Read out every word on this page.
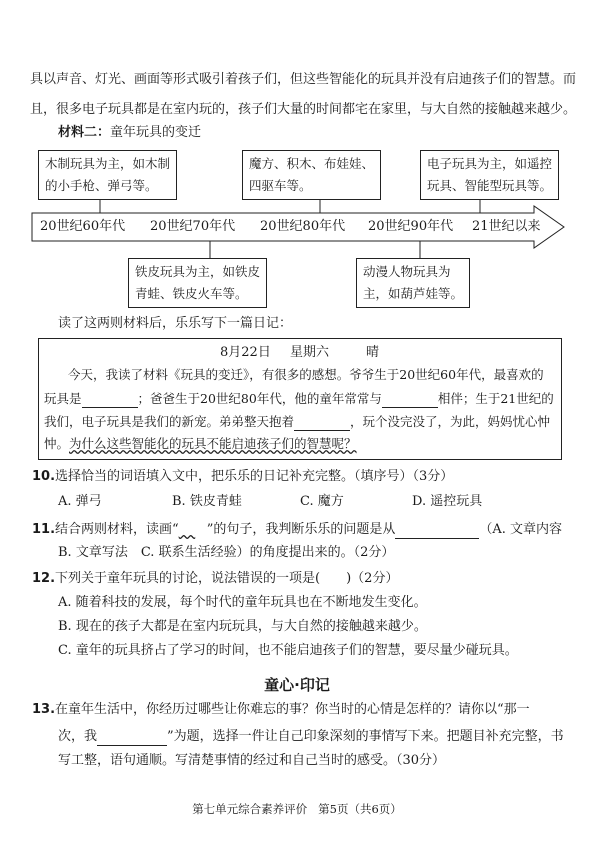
具以声音、灯光、画面等形式吸引着孩子们，但这些智能化的玩具并没有启迪孩子们的智慧。而
且，很多电子玩具都是在室内玩的，孩子们大量的时间都宅在家里，与大自然的接触越来越少。
材料二：童年玩具的变迁
木制玩具为主，如木制
的小手枪、弹弓等。
魔方、积木、布娃娃、
四驱车等。
电子玩具为主，如遥控
玩具、智能型玩具等。
20世纪60年代 20世纪70年代 20世纪80年代 20世纪90年代 21世纪以来
铁皮玩具为主，如铁皮
青蛙、铁皮火车等。
动漫人物玩具为
主，如葫芦娃等。
读了这两则材料后，乐乐写下一篇日记：
8月22日 星期六	晴
今天，我读了材料《玩具的变迁》，有很多的感想。爷爷生于20世纪60年代，最喜欢的
玩具是	；爸爸生于20世纪80年代，他的童年常常与	相伴；生于21世纪的
我们，电子玩具是我们的新宠。弟弟整天抱着	，玩个没完没了，为此，妈妈忧心忡
忡。为什么这些智能化的玩具不能启迪孩子们的智慧呢？
10.选择恰当的词语填入文中，把乐乐的日记补充完整。（填序号）（3分）
A. 弹弓	B. 铁皮青蛙	C. 魔方	D. 遥控玩具
11.结合两则材料，读画“ ”的句子，我判断乐乐的问题是从	（A. 文章内容
B. 文章写法　C. 联系生活经验）的角度提出来的。（2分）
12.下列关于童年玩具的讨论，说法错误的一项是(　　)（2分）
A. 随着科技的发展，每个时代的童年玩具也在不断地发生变化。
B. 现在的孩子大都是在室内玩玩具，与大自然的接触越来越少。
C. 童年的玩具挤占了学习的时间，也不能启迪孩子们的智慧，要尽量少碰玩具。
童心·印记
13.在童年生活中，你经历过哪些让你难忘的事？你当时的心情是怎样的？请你以“那一
次，我	”为题，选择一件让自己印象深刻的事情写下来。把题目补充完整，书
写工整，语句通顺。写清楚事情的经过和自己当时的感受。（30分）
第七单元综合素养评价 第5页（共6页）
